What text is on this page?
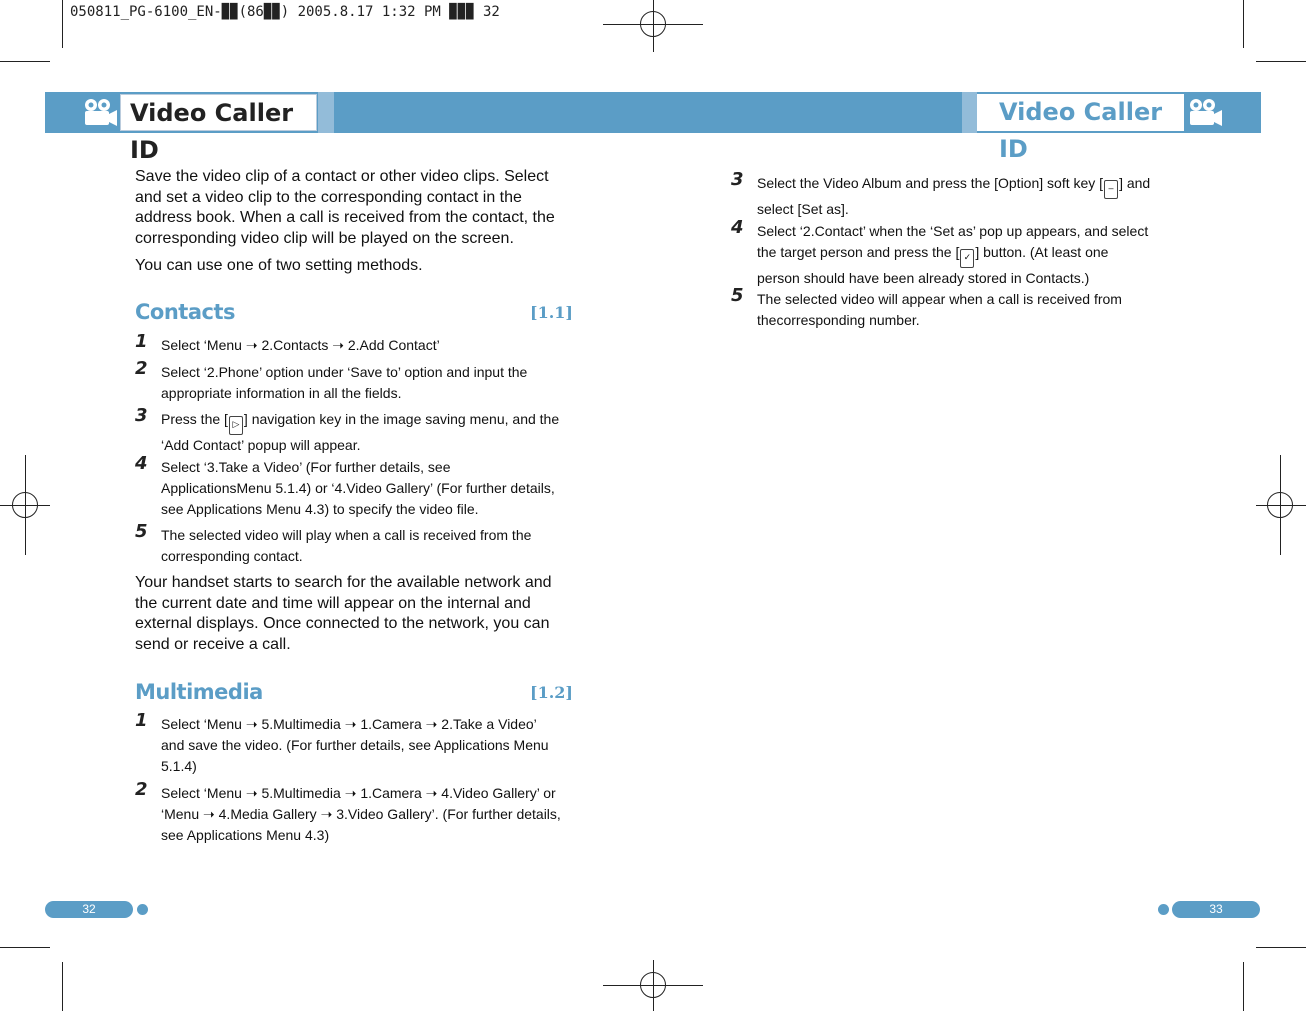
050811_PG-6100_EN-▉▉(86▉▉) 2005.8.17 1:32 PM ▉▉▉ 32
Video Caller ID
Video Caller ID
Save the video clip of a contact or other video clips. Select and set a video clip to the corresponding contact in the address book. When a call is received from the contact, the corresponding video clip will be played on the screen.
You can use one of two setting methods.
Contacts	[1.1]
1 Select ‘Menu ➝ 2.Contacts ➝ 2.Add Contact’
2 Select ‘2.Phone’ option under ‘Save to’ option and input the appropriate information in all the fields.
3 Press the [ ▷ ] navigation key in the image saving menu, and the ‘Add Contact’ popup will appear.
4 Select ‘3.Take a Video’ (For further details, see ApplicationsMenu 5.1.4) or ‘4.Video Gallery’ (For further details, see Applications Menu 4.3) to specify the video file.
5 The selected video will play when a call is received from the corresponding contact.
Your handset starts to search for the available network and the current date and time will appear on the internal and external displays. Once connected to the network, you can send or receive a call.
Multimedia	[1.2]
1 Select ‘Menu ➝ 5.Multimedia ➝ 1.Camera ➝ 2.Take a Video’ and save the video. (For further details, see Applications Menu 5.1.4)
2 Select ‘Menu ➝ 5.Multimedia ➝ 1.Camera ➝ 4.Video Gallery’ or ‘Menu ➝ 4.Media Gallery ➝ 3.Video Gallery’. (For further details, see Applications Menu 4.3)
3 Select the Video Album and press the [Option] soft key [ – ] and select [Set as].
4 Select ‘2.Contact’ when the ‘Set as’ pop up appears, and select the target person and press the [ ✓ ] button. (At least one person should have been already stored in Contacts.)
5 The selected video will appear when a call is received from thecorresponding number.
32	33
